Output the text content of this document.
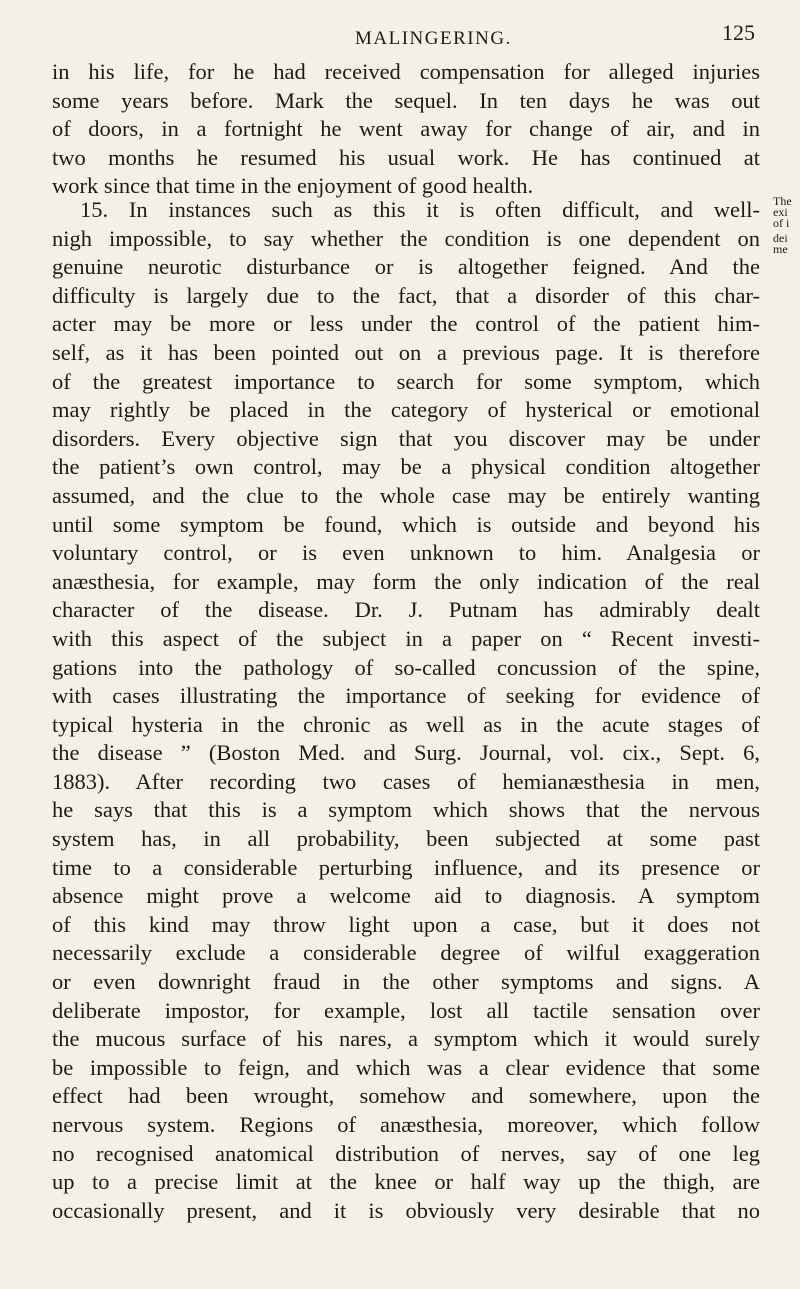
MALINGERING.	125
in his life, for he had received compensation for alleged injuries
some years before. Mark the sequel. In ten days he was out
of doors, in a fortnight he went away for change of air, and in
two months he resumed his usual work. He has continued at
work since that time in the enjoyment of good health.
15. In instances such as this it is often difficult, and well-
nigh impossible, to say whether the condition is one dependent on
genuine neurotic disturbance or is altogether feigned. And the
difficulty is largely due to the fact, that a disorder of this char-
acter may be more or less under the control of the patient him-
self, as it has been pointed out on a previous page. It is therefore
of the greatest importance to search for some symptom, which
may rightly be placed in the category of hysterical or emotional
disorders. Every objective sign that you discover may be under
the patient’s own control, may be a physical condition altogether
assumed, and the clue to the whole case may be entirely wanting
until some symptom be found, which is outside and beyond his
voluntary control, or is even unknown to him. Analgesia or
anæsthesia, for example, may form the only indication of the real
character of the disease. Dr. J. Putnam has admirably dealt
with this aspect of the subject in a paper on “ Recent investi-
gations into the pathology of so-called concussion of the spine,
with cases illustrating the importance of seeking for evidence of
typical hysteria in the chronic as well as in the acute stages of
the disease ” (Boston Med. and Surg. Journal, vol. cix., Sept. 6,
1883). After recording two cases of hemianæsthesia in men,
he says that this is a symptom which shows that the nervous
system has, in all probability, been subjected at some past
time to a considerable perturbing influence, and its presence or
absence might prove a welcome aid to diagnosis. A symptom
of this kind may throw light upon a case, but it does not
necessarily exclude a considerable degree of wilful exaggeration
or even downright fraud in the other symptoms and signs. A
deliberate impostor, for example, lost all tactile sensation over
the mucous surface of his nares, a symptom which it would surely
be impossible to feign, and which was a clear evidence that some
effect had been wrought, somehow and somewhere, upon the
nervous system. Regions of anæsthesia, moreover, which follow
no recognised anatomical distribution of nerves, say of one leg
up to a precise limit at the knee or half way up the thigh, are
occasionally present, and it is obviously very desirable that no
The
exi
of i
dei
me
